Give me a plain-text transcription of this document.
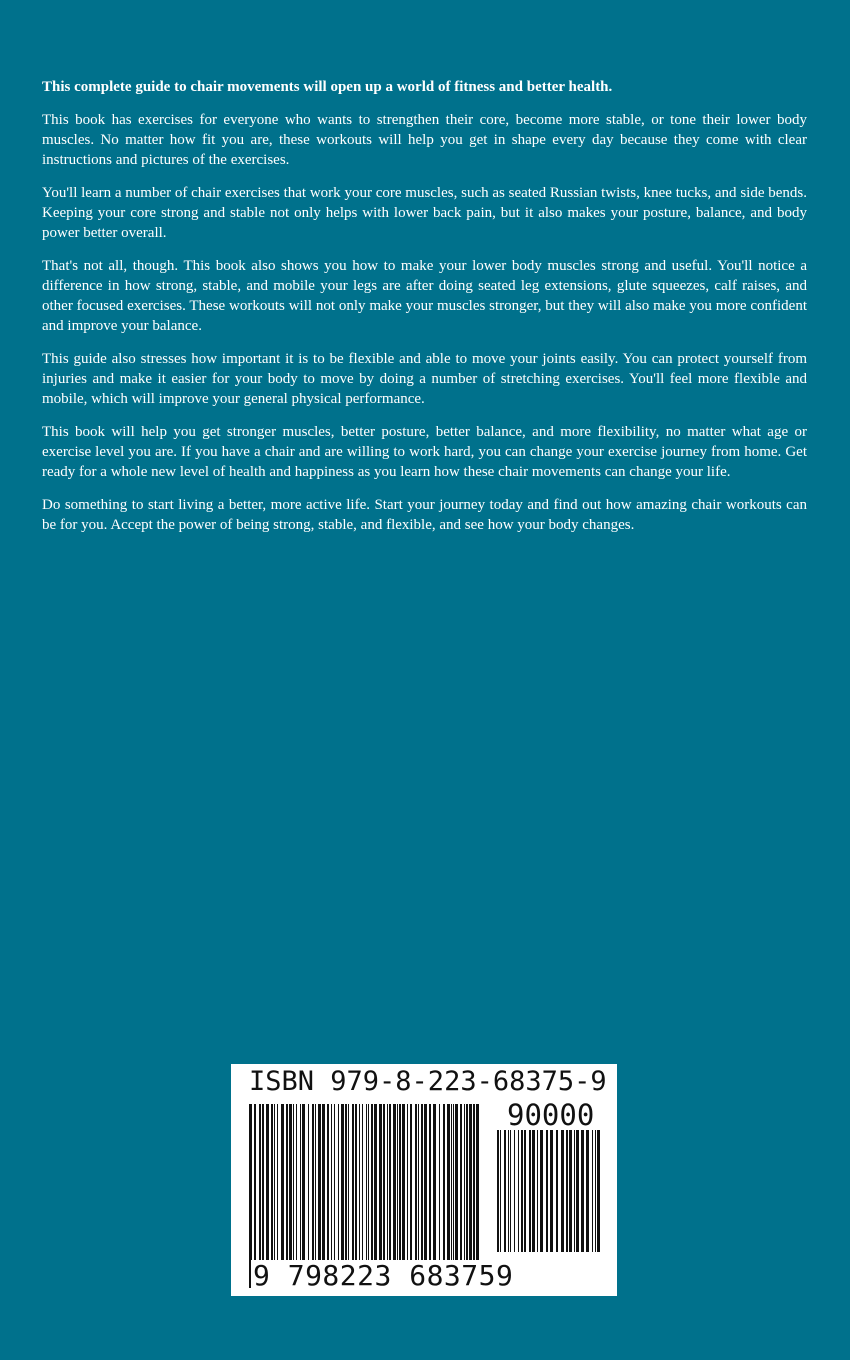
This complete guide to chair movements will open up a world of fitness and better health.

This book has exercises for everyone who wants to strengthen their core, become more stable, or tone their lower body muscles. No matter how fit you are, these workouts will help you get in shape every day because they come with clear instructions and pictures of the exercises.

You'll learn a number of chair exercises that work your core muscles, such as seated Russian twists, knee tucks, and side bends. Keeping your core strong and stable not only helps with lower back pain, but it also makes your posture, balance, and body power better overall.

That's not all, though. This book also shows you how to make your lower body muscles strong and useful. You'll notice a difference in how strong, stable, and mobile your legs are after doing seated leg extensions, glute squeezes, calf raises, and other focused exercises. These workouts will not only make your muscles stronger, but they will also make you more confident and improve your balance.

This guide also stresses how important it is to be flexible and able to move your joints easily. You can protect yourself from injuries and make it easier for your body to move by doing a number of stretching exercises. You'll feel more flexible and mobile, which will improve your general physical performance.

This book will help you get stronger muscles, better posture, better balance, and more flexibility, no matter what age or exercise level you are. If you have a chair and are willing to work hard, you can change your exercise journey from home. Get ready for a whole new level of health and happiness as you learn how these chair movements can change your life.

Do something to start living a better, more active life. Start your journey today and find out how amazing chair workouts can be for you. Accept the power of being strong, stable, and flexible, and see how your body changes.

ISBN 979-8-223-68375-9
90000
9 798223 683759
